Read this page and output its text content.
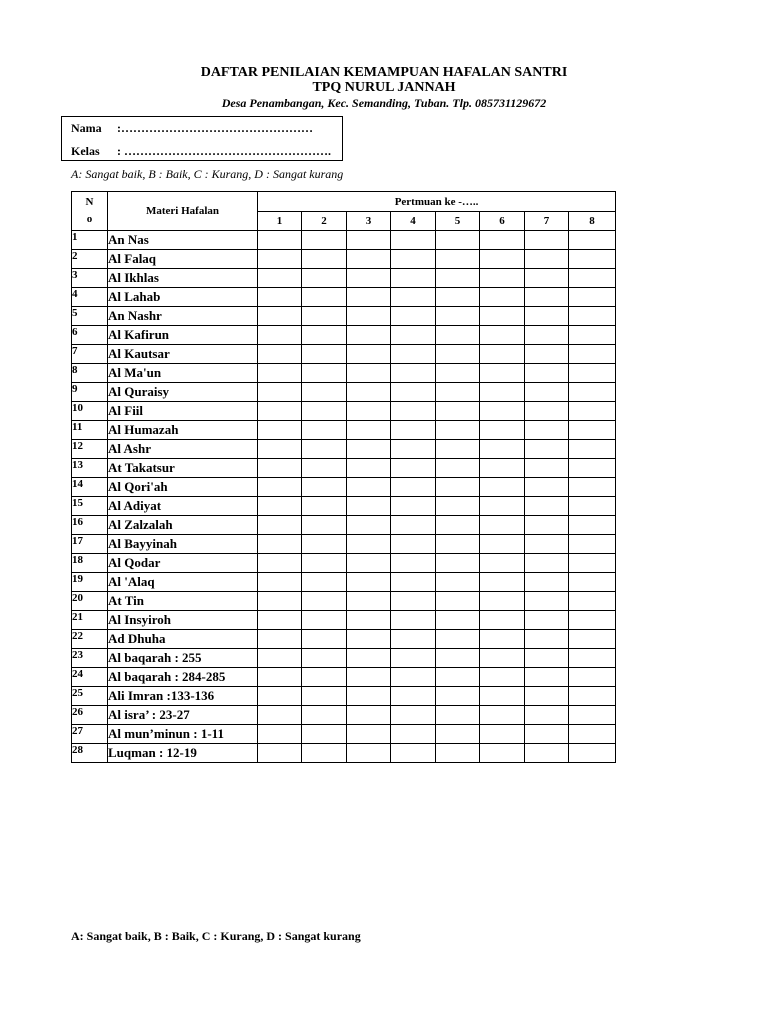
DAFTAR PENILAIAN KEMAMPUAN HAFALAN SANTRI
TPQ NURUL JANNAH
Desa Penambangan, Kec. Semanding, Tuban. Tlp. 085731129672
Nama :…………………………………………
Kelas : …………………………………………….
A: Sangat baik, B : Baik, C : Kurang, D : Sangat kurang
N
o	Materi Hafalan	Pertmuan ke -…..							
		1	2	3	4	5	6	7	8
1	An Nas								
2	Al Falaq								
3	Al Ikhlas								
4	Al Lahab								
5	An Nashr								
6	Al Kafirun								
7	Al Kautsar								
8	Al Ma'un								
9	Al Quraisy								
10	Al Fiil								
11	Al Humazah								
12	Al Ashr								
13	At Takatsur								
14	Al Qori'ah								
15	Al Adiyat								
16	Al Zalzalah								
17	Al Bayyinah								
18	Al Qodar								
19	Al 'Alaq								
20	At Tin								
21	Al Insyiroh								
22	Ad Dhuha								
23	Al baqarah : 255								
24	Al baqarah : 284-285								
25	Ali Imran :133-136								
26	Al isra’ : 23-27								
27	Al mun’minun : 1-11								
28	Luqman : 12-19								
A: Sangat baik, B : Baik, C : Kurang, D : Sangat kurang
